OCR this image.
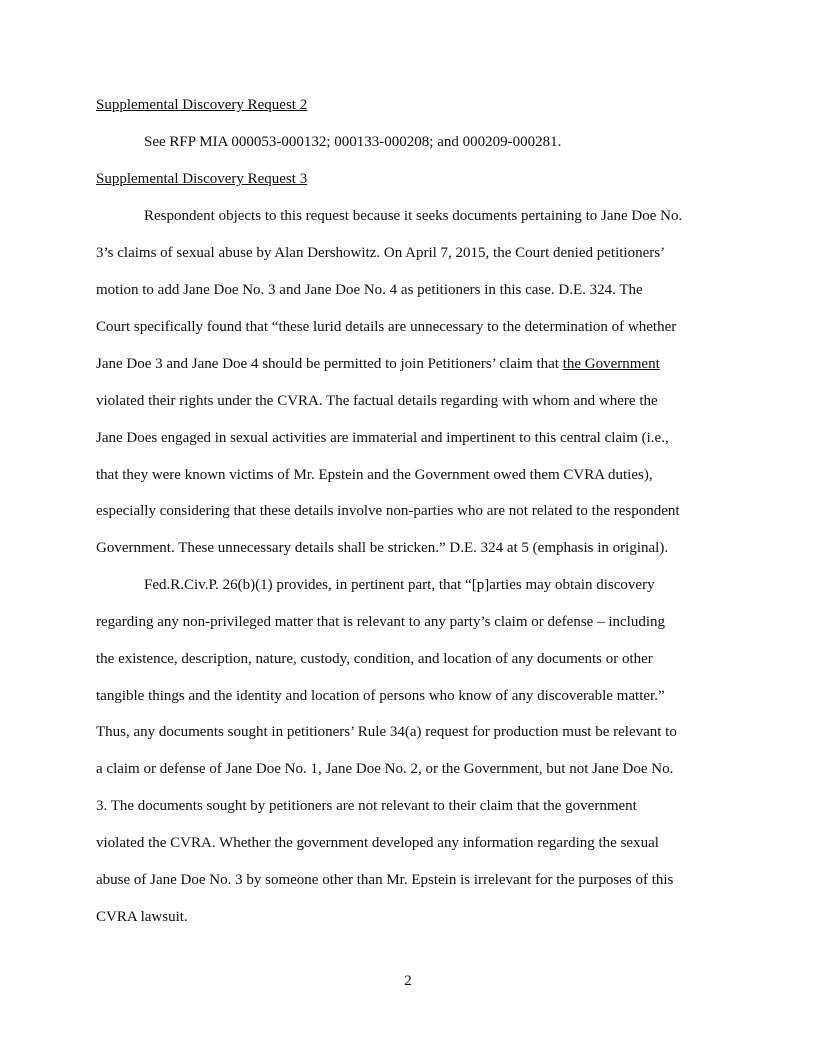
Supplemental Discovery Request 2
See RFP MIA 000053-000132; 000133-000208; and 000209-000281.
Supplemental Discovery Request 3
Respondent objects to this request because it seeks documents pertaining to Jane Doe No.
3’s claims of sexual abuse by Alan Dershowitz. On April 7, 2015, the Court denied petitioners’
motion to add Jane Doe No. 3 and Jane Doe No. 4 as petitioners in this case. D.E. 324. The
Court specifically found that “these lurid details are unnecessary to the determination of whether
Jane Doe 3 and Jane Doe 4 should be permitted to join Petitioners’ claim that the Government
violated their rights under the CVRA. The factual details regarding with whom and where the
Jane Does engaged in sexual activities are immaterial and impertinent to this central claim (i.e.,
that they were known victims of Mr. Epstein and the Government owed them CVRA duties),
especially considering that these details involve non-parties who are not related to the respondent
Government. These unnecessary details shall be stricken.” D.E. 324 at 5 (emphasis in original).
Fed.R.Civ.P. 26(b)(1) provides, in pertinent part, that “[p]arties may obtain discovery
regarding any non-privileged matter that is relevant to any party’s claim or defense – including
the existence, description, nature, custody, condition, and location of any documents or other
tangible things and the identity and location of persons who know of any discoverable matter.”
Thus, any documents sought in petitioners’ Rule 34(a) request for production must be relevant to
a claim or defense of Jane Doe No. 1, Jane Doe No. 2, or the Government, but not Jane Doe No.
3. The documents sought by petitioners are not relevant to their claim that the government
violated the CVRA. Whether the government developed any information regarding the sexual
abuse of Jane Doe No. 3 by someone other than Mr. Epstein is irrelevant for the purposes of this
CVRA lawsuit.
2
